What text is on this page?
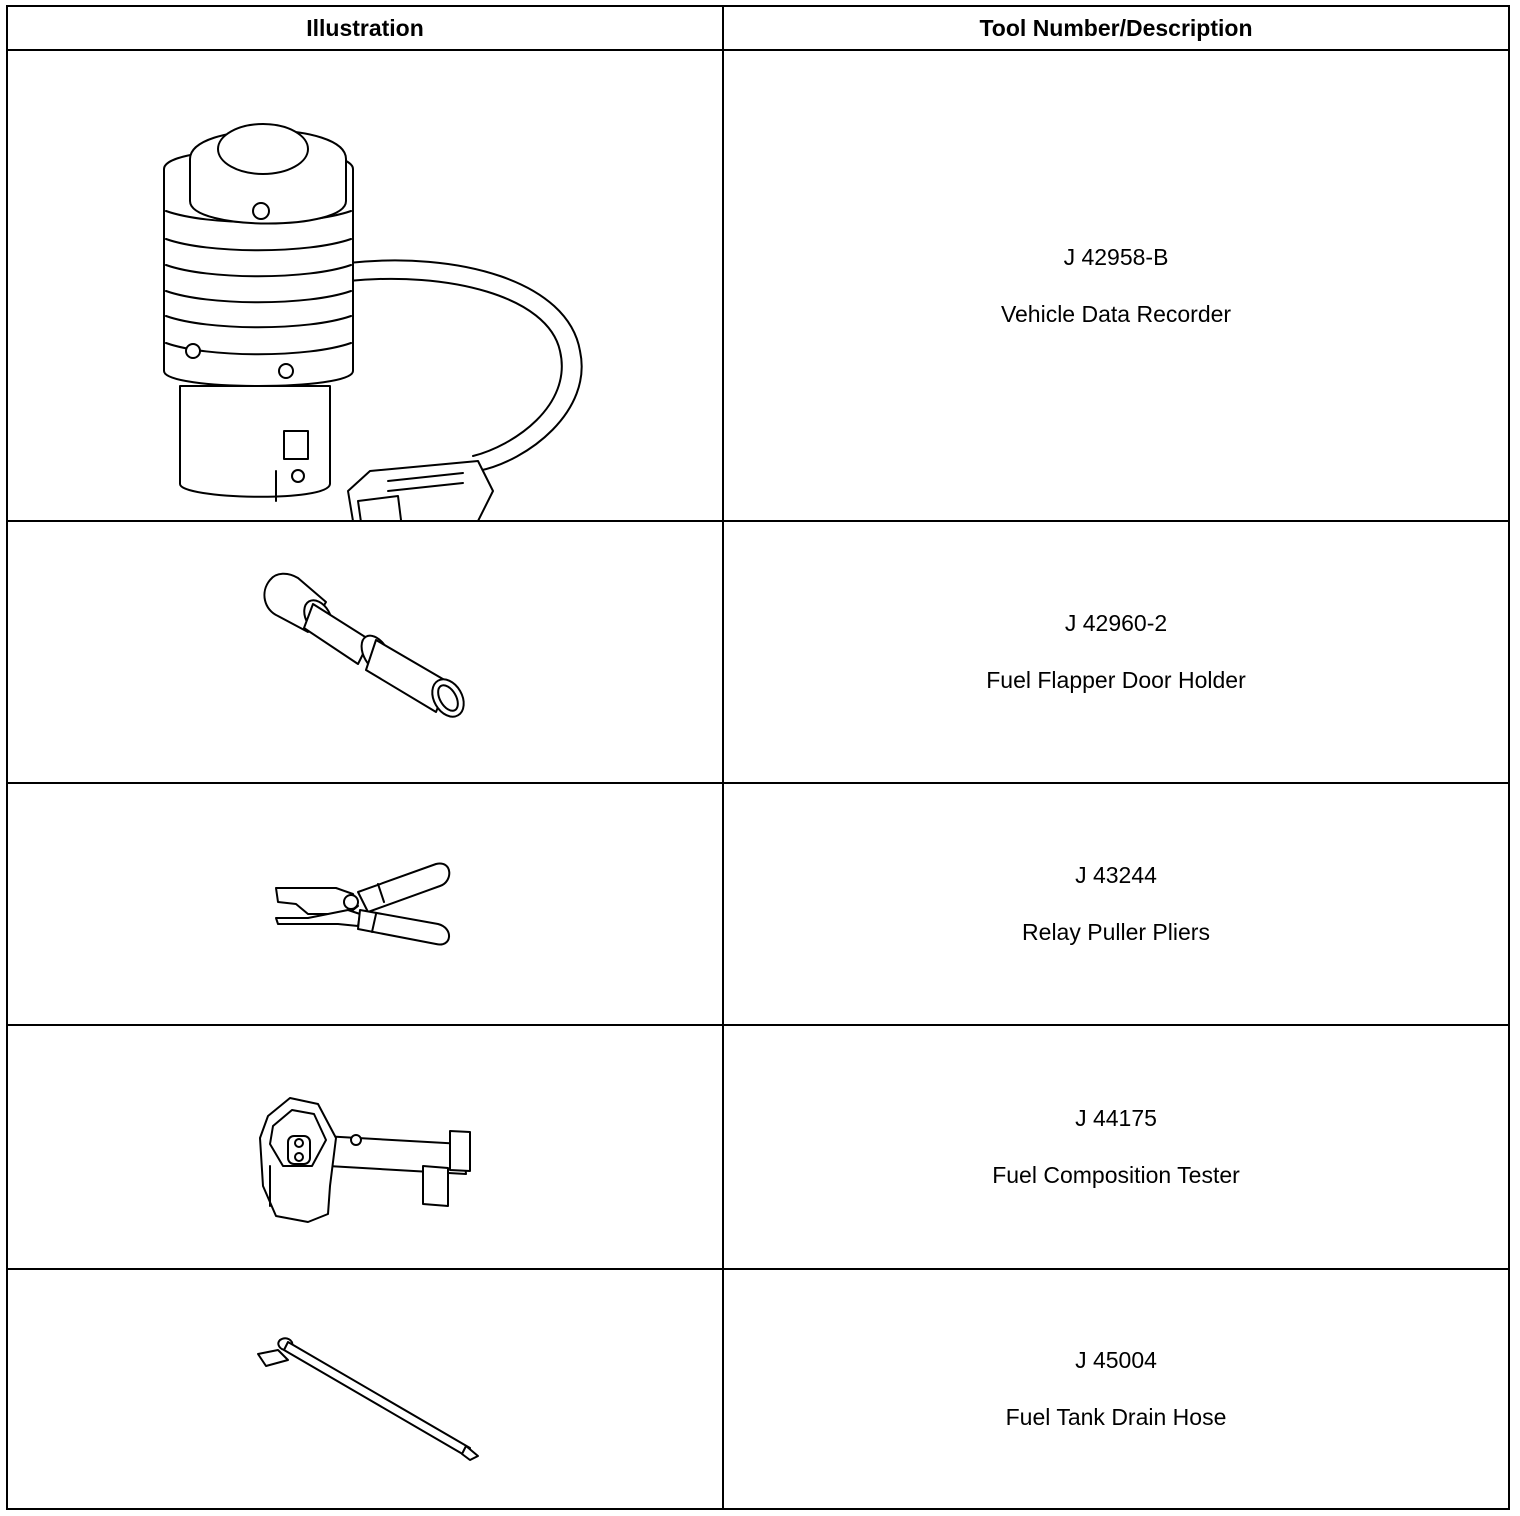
Illustration	Tool Number/Description

J 42958-B
Vehicle Data Recorder

J 42960-2
Fuel Flapper Door Holder

J 43244
Relay Puller Pliers

J 44175
Fuel Composition Tester

J 45004
Fuel Tank Drain Hose
